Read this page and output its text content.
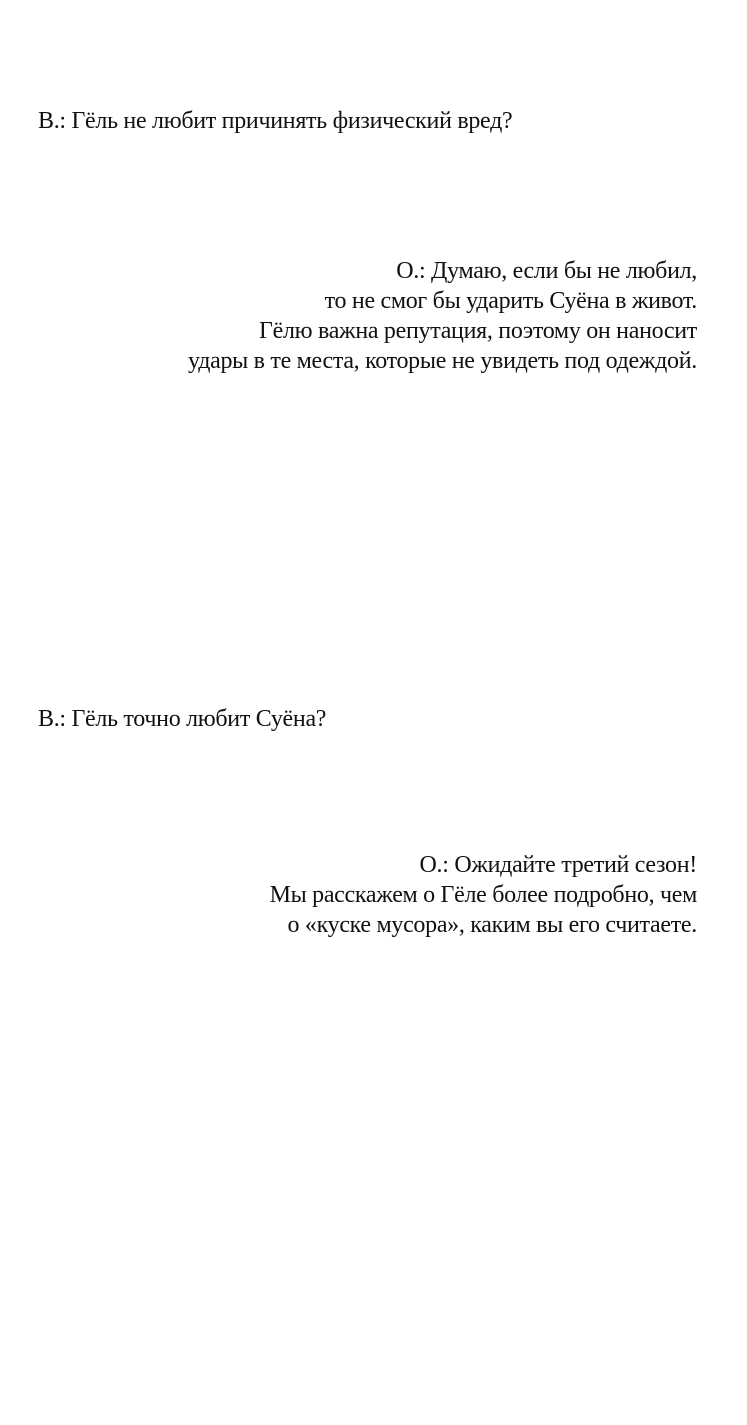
В.: Гёль не любит причинять физический вред?
О.: Думаю, если бы не любил,
то не смог бы ударить Суёна в живот.
Гёлю важна репутация, поэтому он наносит
удары в те места, которые не увидеть под одеждой.
В.: Гёль точно любит Суёна?
О.: Ожидайте третий сезон!
Мы расскажем о Гёле более подробно, чем
о «куске мусора», каким вы его считаете.
